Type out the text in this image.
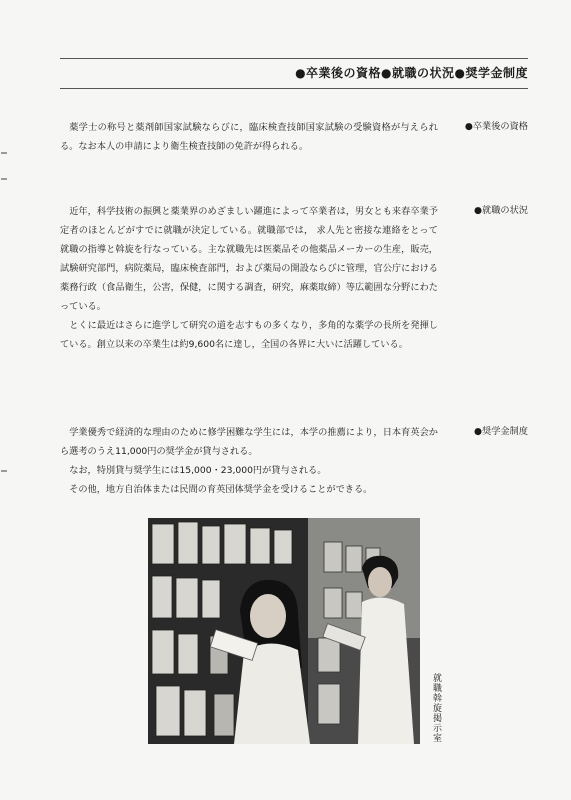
●卒業後の資格●就職の状況●奨学金制度

薬学士の称号と薬剤師国家試験ならびに，臨床検査技師国家試験の受験資格が与えられる。なお本人の申請により衛生検査技師の免許が得られる。

●卒業後の資格

近年，科学技術の振興と薬業界のめざましい躍進によって卒業者は，男女とも来春卒業予定者のほとんどがすでに就職が決定している。就職部では， 求人先と密接な連絡をとって就職の指導と斡旋を行なっている。主な就職先は医薬品その他薬品メーカーの生産，販売，試験研究部門，病院薬局，臨床検査部門，および薬局の開設ならびに管理，官公庁における薬務行政（食品衛生，公害，保健，に関する調査，研究，麻薬取締）等広範囲な分野にわたっている。

とくに最近はさらに進学して研究の道を志すもの多くなり，多角的な薬学の長所を発揮している。創立以来の卒業生は約9,600名に達し，全国の各界に大いに活躍している。

●就職の状況

学業優秀で経済的な理由のために修学困難な学生には，本学の推薦により，日本育英会から選考のうえ11,000円の奨学金が貸与される。

なお，特別貸与奨学生には15,000・23,000円が貸与される。

その他，地方自治体または民間の育英団体奨学金を受けることができる。

●奨学金制度
就職斡旋掲示室
